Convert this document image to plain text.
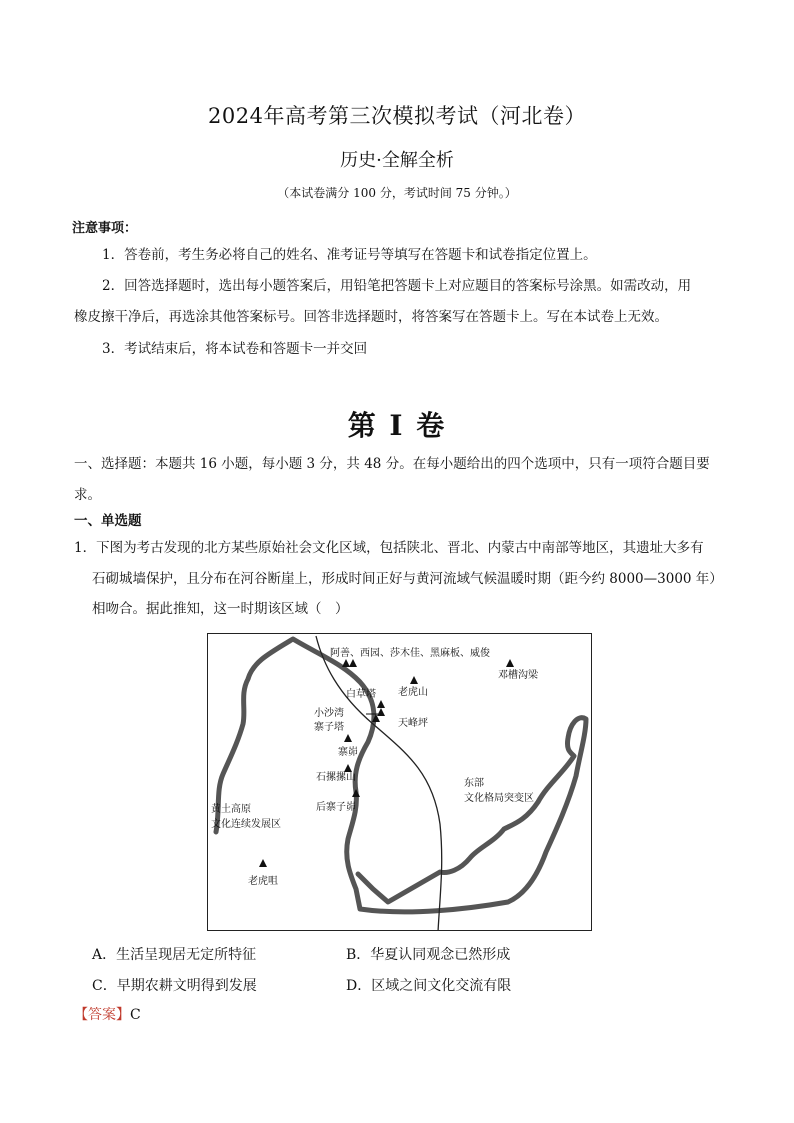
2024年高考第三次模拟考试（河北卷）
历史·全解全析
（本试卷满分 100 分，考试时间 75 分钟。）
注意事项：
1．答卷前，考生务必将自己的姓名、准考证号等填写在答题卡和试卷指定位置上。
2．回答选择题时，选出每小题答案后，用铅笔把答题卡上对应题目的答案标号涂黑。如需改动，用
橡皮擦干净后，再选涂其他答案标号。回答非选择题时，将答案写在答题卡上。写在本试卷上无效。
3．考试结束后，将本试卷和答题卡一并交回
第 I 卷
一、选择题：本题共 16 小题，每小题 3 分，共 48 分。在每小题给出的四个选项中，只有一项符合题目要
求。
一、单选题
1．下图为考古发现的北方某些原始社会文化区域，包括陕北、晋北、内蒙古中南部等地区，其遗址大多有
石砌城墙保护，且分布在河谷断崖上，形成时间正好与黄河流域气候温暖时期（距今约 8000—3000 年）
相吻合。据此推知，这一时期该区域（　）
阿善、西园、莎木佳、黑麻板、威俊
白草塔 老虎山
邓槽沟梁
小沙湾
寨子塔	天峰坪
寨峁
石摞摞山
后寨子峁
东部
文化格局突变区
黄土高原
文化连续发展区
老虎咀
A．生活呈现居无定所特征	B．华夏认同观念已然形成
C．早期农耕文明得到发展	D．区域之间文化交流有限
【答案】C
